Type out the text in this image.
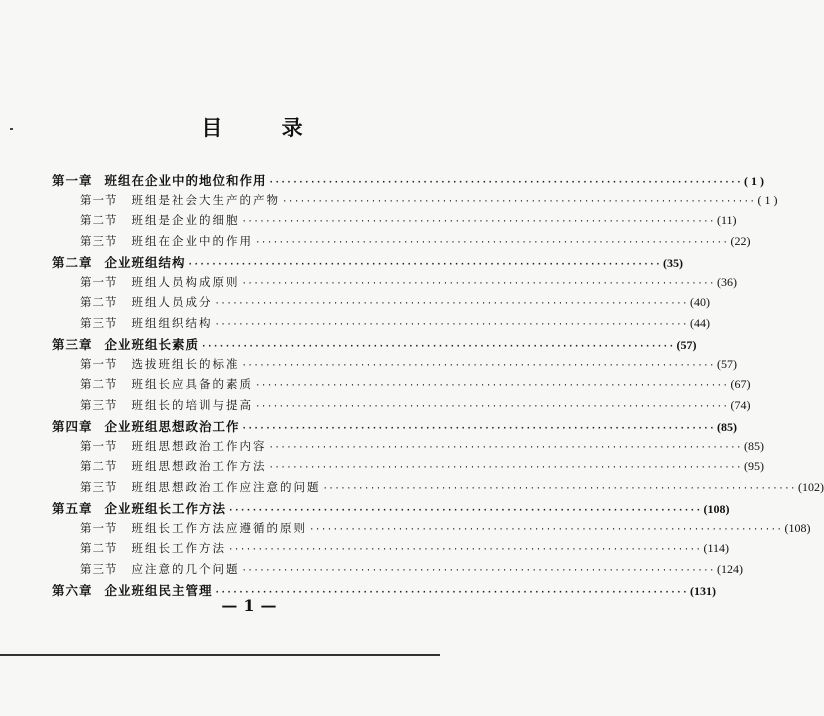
目 录
第一章 班组在企业中的地位和作用 ················································································ ( 1 )
第一节 班组是社会大生产的产物 ················································································ ( 1 )
第二节 班组是企业的细胞 ················································································ (11)
第三节 班组在企业中的作用 ················································································ (22)
第二章 企业班组结构 ················································································ (35)
第一节 班组人员构成原则 ················································································ (36)
第二节 班组人员成分 ················································································ (40)
第三节 班组组织结构 ················································································ (44)
第三章 企业班组长素质 ················································································ (57)
第一节 选拔班组长的标准 ················································································ (57)
第二节 班组长应具备的素质 ················································································ (67)
第三节 班组长的培训与提高 ················································································ (74)
第四章 企业班组思想政治工作 ················································································ (85)
第一节 班组思想政治工作内容 ················································································ (85)
第二节 班组思想政治工作方法 ················································································ (95)
第三节 班组思想政治工作应注意的问题 ················································································ (102)
第五章 企业班组长工作方法 ················································································ (108)
第一节 班组长工作方法应遵循的原则 ················································································ (108)
第二节 班组长工作方法 ················································································ (114)
第三节 应注意的几个问题 ················································································ (124)
第六章 企业班组民主管理 ················································································ (131)
—1—
